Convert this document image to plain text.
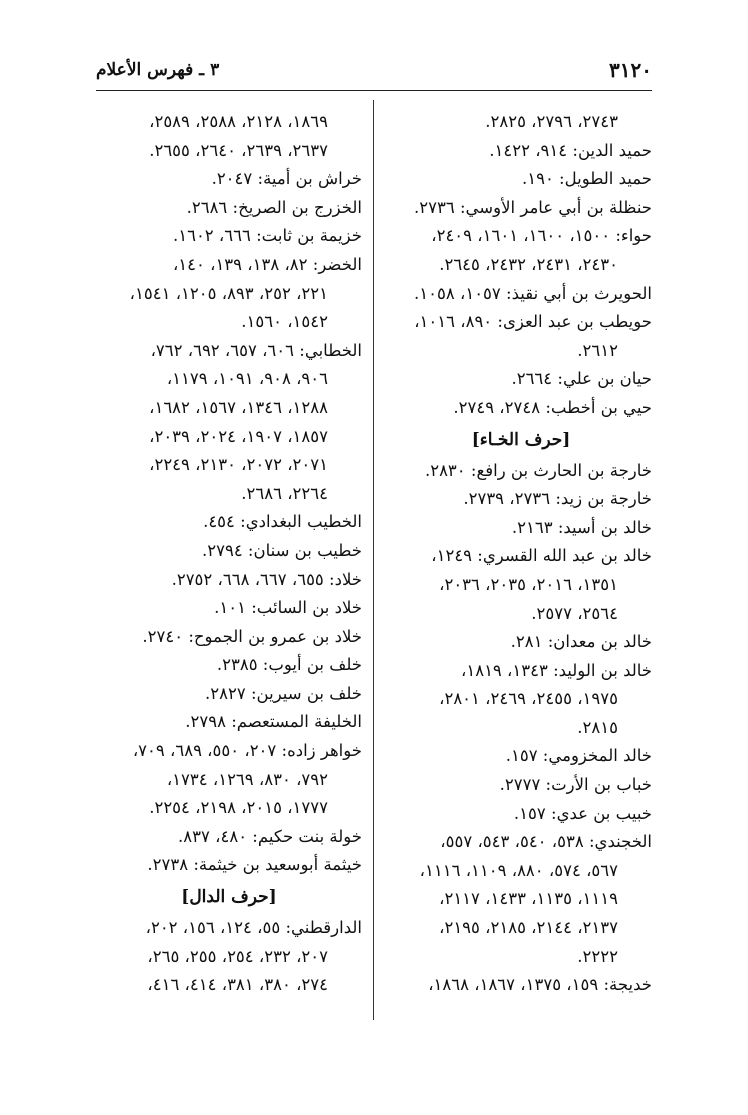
٣١٢٠
٣ ـ فهرس الأعلام
٢٧٤٣، ٢٧٩٦، ٢٨٢٥.
حميد الدين: ٩١٤، ١٤٢٢.
حميد الطويل: ١٩٠.
حنظلة بن أبي عامر الأوسي: ٢٧٣٦.
حواء: ١٥٠٠، ١٦٠٠، ١٦٠١، ٢٤٠٩،
٢٤٣٠، ٢٤٣١، ٢٤٣٢، ٢٦٤٥.
الحويرث بن أبي نقيذ: ١٠٥٧، ١٠٥٨.
حويطب بن عبد العزى: ٨٩٠، ١٠١٦،
٢٦١٢.
حيان بن علي: ٢٦٦٤.
حيي بن أخطب: ٢٧٤٨، ٢٧٤٩.
[حرف الخـاء]
خارجة بن الحارث بن رافع: ٢٨٣٠.
خارجة بن زيد: ٢٧٣٦، ٢٧٣٩.
خالد بن أسيد: ٢١٦٣.
خالد بن عبد الله القسري: ١٢٤٩،
١٣٥١، ٢٠١٦، ٢٠٣٥، ٢٠٣٦،
٢٥٦٤، ٢٥٧٧.
خالد بن معدان: ٢٨١.
خالد بن الوليد: ١٣٤٣، ١٨١٩،
١٩٧٥، ٢٤٥٥، ٢٤٦٩، ٢٨٠١،
٢٨١٥.
خالد المخزومي: ١٥٧.
خباب بن الأرت: ٢٧٧٧.
خبيب بن عدي: ١٥٧.
الخجندي: ٥٣٨، ٥٤٠، ٥٤٣، ٥٥٧،
٥٦٧، ٥٧٤، ٨٨٠، ١١٠٩، ١١١٦،
١١١٩، ١١٣٥، ١٤٣٣، ٢١١٧،
٢١٣٧، ٢١٤٤، ٢١٨٥، ٢١٩٥،
٢٢٢٢.
خديجة: ١٥٩، ١٣٧٥، ١٨٦٧، ١٨٦٨،
١٨٦٩، ٢١٢٨، ٢٥٨٨، ٢٥٨٩،
٢٦٣٧، ٢٦٣٩، ٢٦٤٠، ٢٦٥٥.
خراش بن أمية: ٢٠٤٧.
الخزرج بن الصريخ: ٢٦٨٦.
خزيمة بن ثابت: ٦٦٦، ١٦٠٢.
الخضر: ٨٢، ١٣٨، ١٣٩، ١٤٠،
٢٢١، ٢٥٢، ٨٩٣، ١٢٠٥، ١٥٤١،
١٥٤٢، ١٥٦٠.
الخطابي: ٦٠٦، ٦٥٧، ٦٩٢، ٧٦٢،
٩٠٦، ٩٠٨، ١٠٩١، ١١٧٩،
١٢٨٨، ١٣٤٦، ١٥٦٧، ١٦٨٢،
١٨٥٧، ١٩٠٧، ٢٠٢٤، ٢٠٣٩،
٢٠٧١، ٢٠٧٢، ٢١٣٠، ٢٢٤٩،
٢٢٦٤، ٢٦٨٦.
الخطيب البغدادي: ٤٥٤.
خطيب بن سنان: ٢٧٩٤.
خلاد: ٦٥٥، ٦٦٧، ٦٦٨، ٢٧٥٢.
خلاد بن السائب: ١٠١.
خلاد بن عمرو بن الجموح: ٢٧٤٠.
خلف بن أيوب: ٢٣٨٥.
خلف بن سيرين: ٢٨٢٧.
الخليفة المستعصم: ٢٧٩٨.
خواهر زاده: ٢٠٧، ٥٥٠، ٦٨٩، ٧٠٩،
٧٩٢، ٨٣٠، ١٢٦٩، ١٧٣٤،
١٧٧٧، ٢٠١٥، ٢١٩٨، ٢٢٥٤.
خولة بنت حكيم: ٤٨٠، ٨٣٧.
خيثمة أبوسعيد بن خيثمة: ٢٧٣٨.
[حرف الدال]
الدارقطني: ٥٥، ١٢٤، ١٥٦، ٢٠٢،
٢٠٧، ٢٣٢، ٢٥٤، ٢٥٥، ٢٦٥،
٢٧٤، ٣٨٠، ٣٨١، ٤١٤، ٤١٦،
